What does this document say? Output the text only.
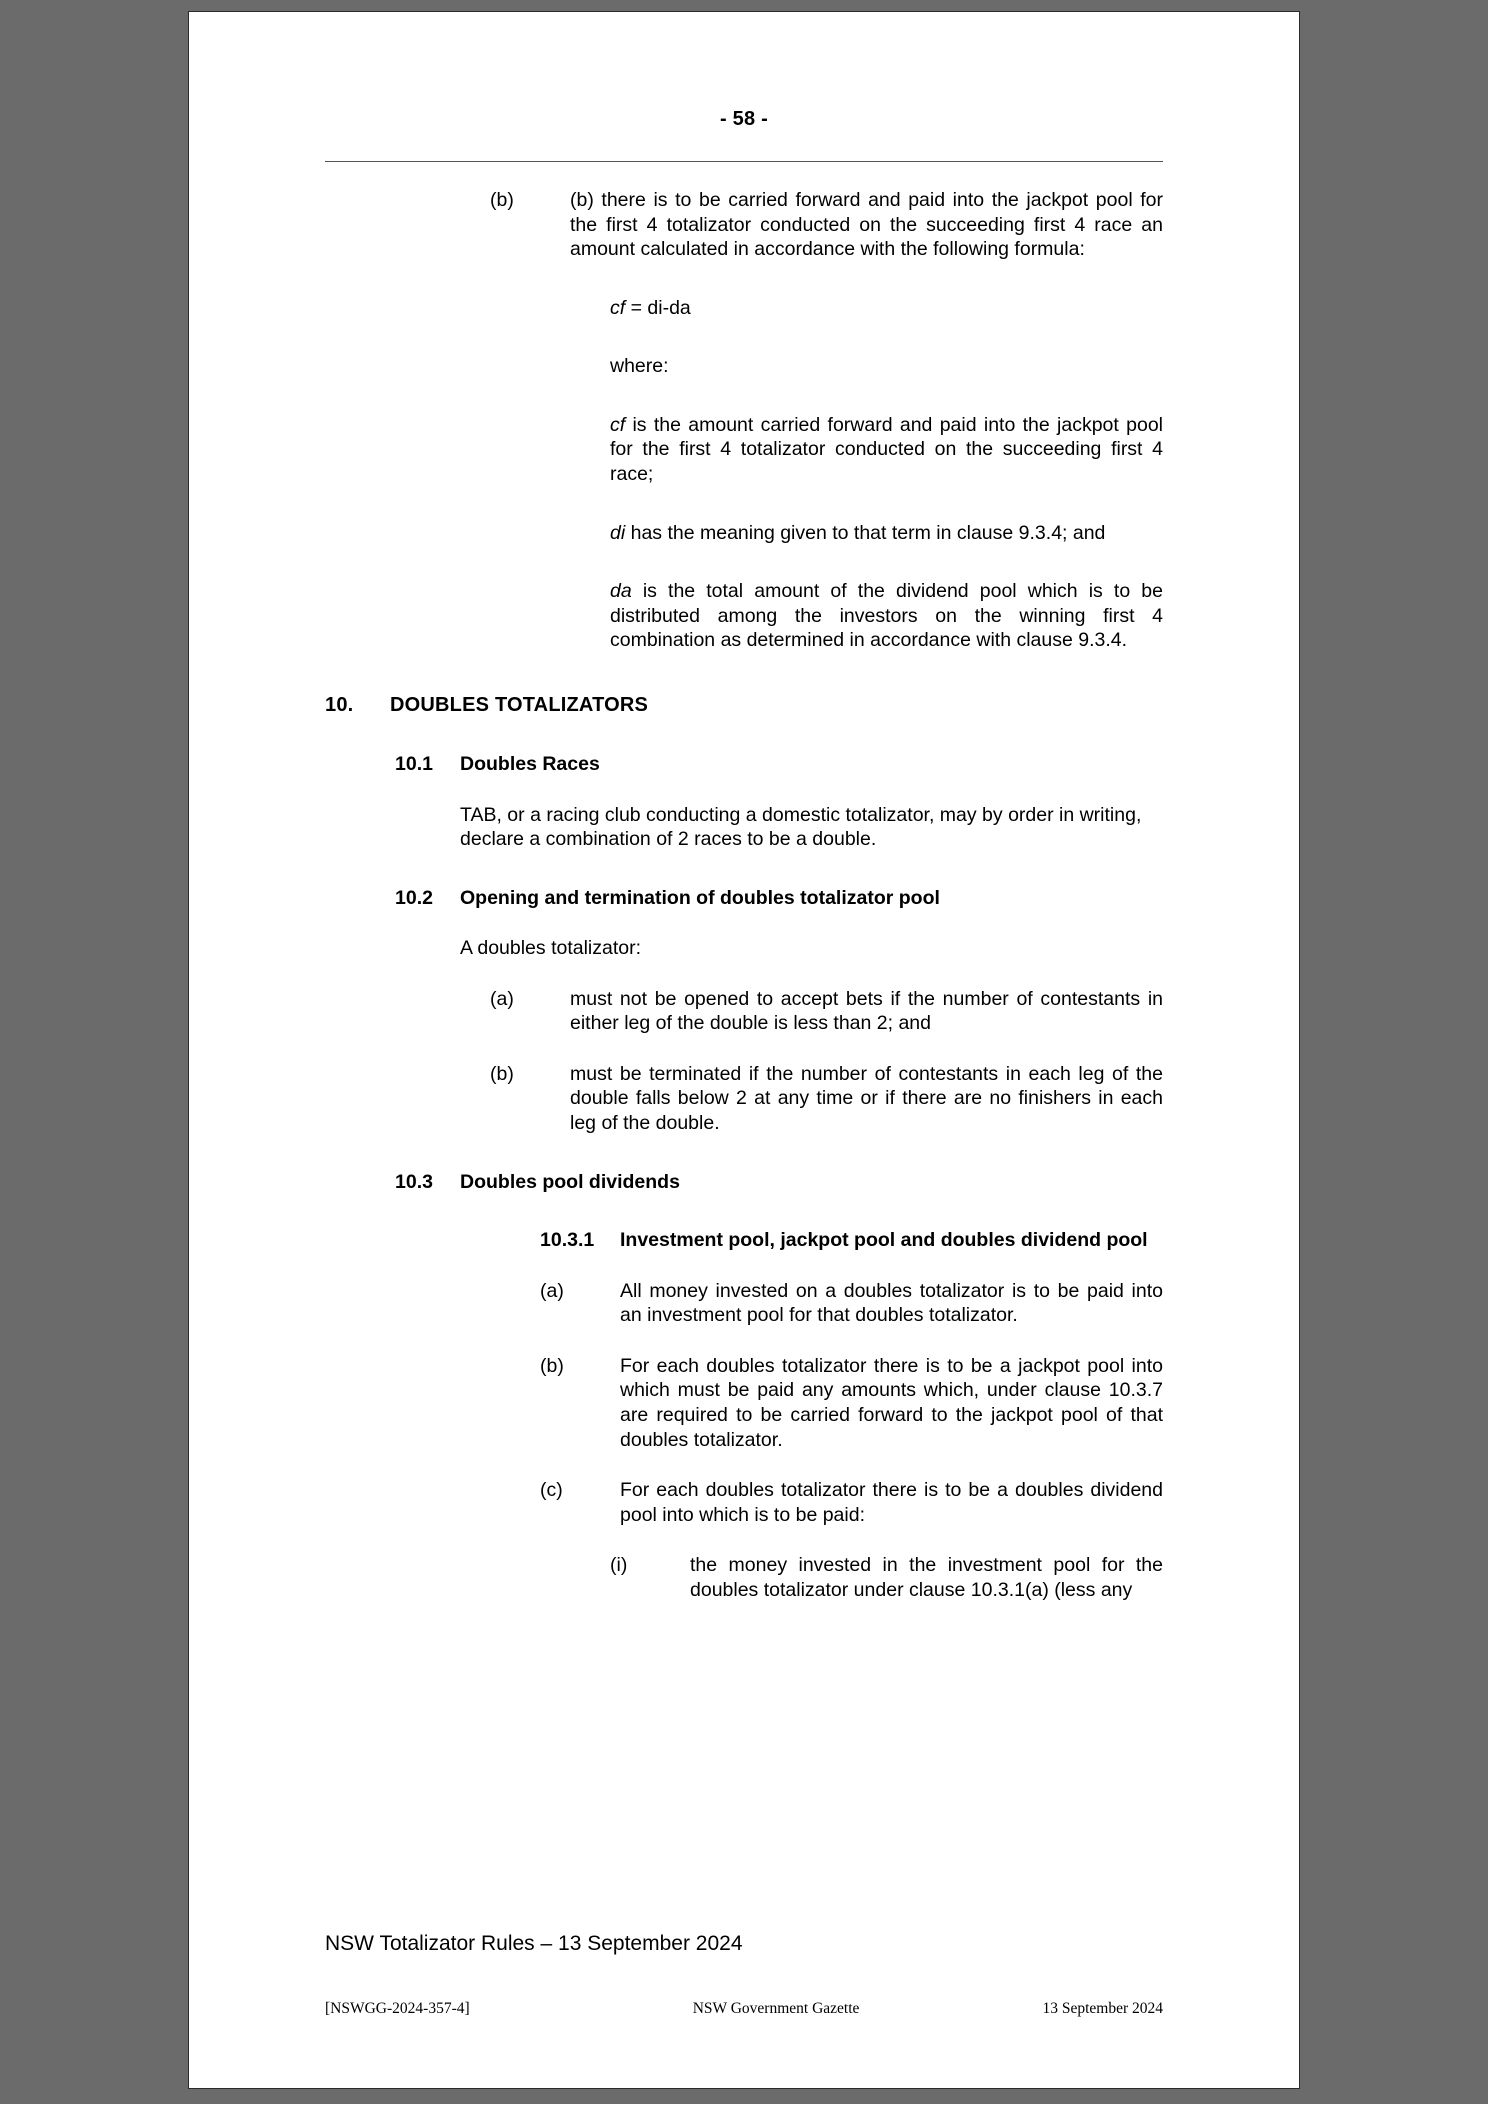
- 58 -
(b)	(b) there is to be carried forward and paid into the jackpot pool for the first 4 totalizator conducted on the succeeding first 4 race an amount calculated in accordance with the following formula:
cf = di-da
where:
cf is the amount carried forward and paid into the jackpot pool for the first 4 totalizator conducted on the succeeding first 4 race;
di has the meaning given to that term in clause 9.3.4; and
da is the total amount of the dividend pool which is to be distributed among the investors on the winning first 4 combination as determined in accordance with clause 9.3.4.
10.	DOUBLES TOTALIZATORS
10.1	Doubles Races
TAB, or a racing club conducting a domestic totalizator, may by order in writing, declare a combination of 2 races to be a double.
10.2	Opening and termination of doubles totalizator pool
A doubles totalizator:
(a)	must not be opened to accept bets if the number of contestants in either leg of the double is less than 2; and
(b)	must be terminated if the number of contestants in each leg of the double falls below 2 at any time or if there are no finishers in each leg of the double.
10.3	Doubles pool dividends
10.3.1	Investment pool, jackpot pool and doubles dividend pool
(a)	All money invested on a doubles totalizator is to be paid into an investment pool for that doubles totalizator.
(b)	For each doubles totalizator there is to be a jackpot pool into which must be paid any amounts which, under clause 10.3.7 are required to be carried forward to the jackpot pool of that doubles totalizator.
(c)	For each doubles totalizator there is to be a doubles dividend pool into which is to be paid:
(i)	the money invested in the investment pool for the doubles totalizator under clause 10.3.1(a) (less any
NSW Totalizator Rules – 13 September 2024
[NSWGG-2024-357-4]	NSW Government Gazette	13 September 2024
